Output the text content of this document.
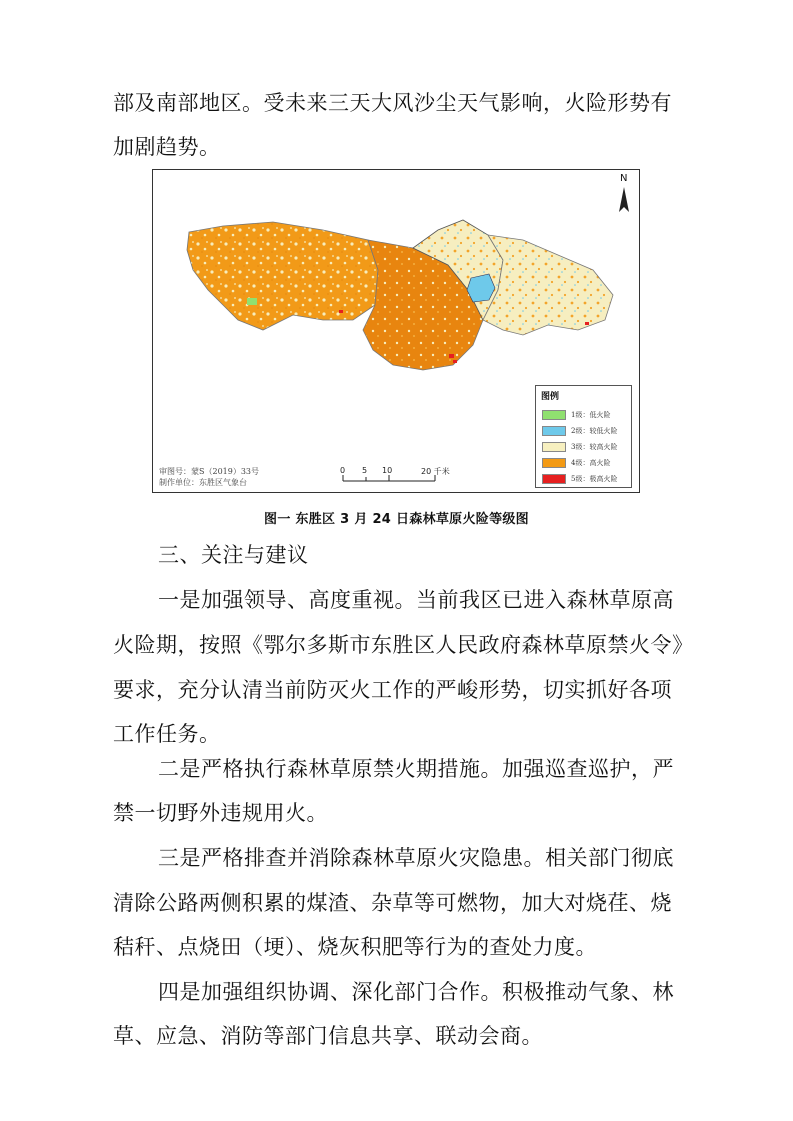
部及南部地区。受未来三天大风沙尘天气影响，火险形势有
加剧趋势。
N
图例
1级：低火险
2级：较低火险
3级：较高火险
4级：高火险
5级：极高火险
审图号：蒙S（2019）33号
制作单位：东胜区气象台
0 5 10	20 千米
图一 东胜区 3 月 24 日森林草原火险等级图
三、关注与建议
一是加强领导、高度重视。当前我区已进入森林草原高
火险期，按照《鄂尔多斯市东胜区人民政府森林草原禁火令》
要求，充分认清当前防灭火工作的严峻形势，切实抓好各项
工作任务。
二是严格执行森林草原禁火期措施。加强巡查巡护，严
禁一切野外违规用火。
三是严格排查并消除森林草原火灾隐患。相关部门彻底
清除公路两侧积累的煤渣、杂草等可燃物，加大对烧荏、烧
秸秆、点烧田（埂）、烧灰积肥等行为的查处力度。
四是加强组织协调、深化部门合作。积极推动气象、林
草、应急、消防等部门信息共享、联动会商。
